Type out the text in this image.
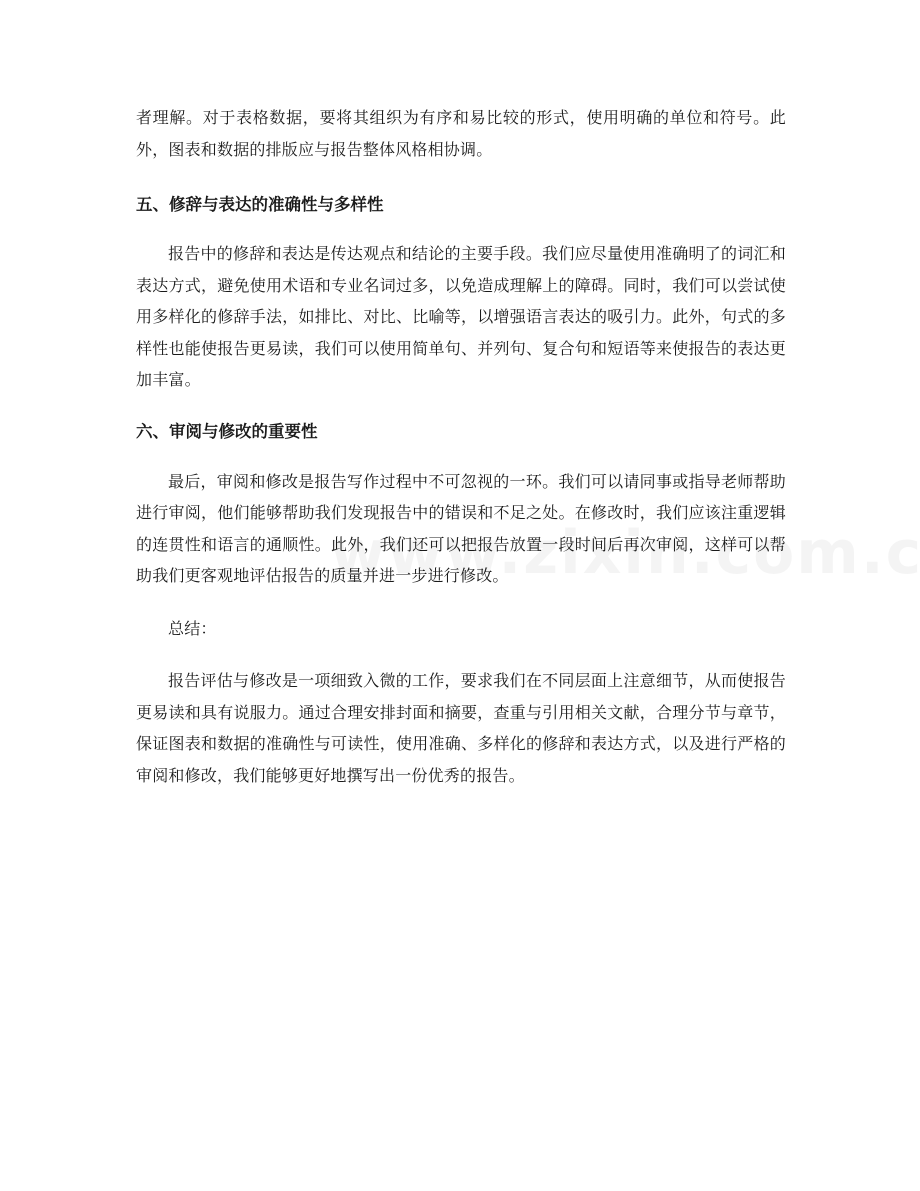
者理解。对于表格数据，要将其组织为有序和易比较的形式，使用明确的单位和符号。此外，图表和数据的排版应与报告整体风格相协调。

五、修辞与表达的准确性与多样性

报告中的修辞和表达是传达观点和结论的主要手段。我们应尽量使用准确明了的词汇和表达方式，避免使用术语和专业名词过多，以免造成理解上的障碍。同时，我们可以尝试使用多样化的修辞手法，如排比、对比、比喻等，以增强语言表达的吸引力。此外，句式的多样性也能使报告更易读，我们可以使用简单句、并列句、复合句和短语等来使报告的表达更加丰富。

六、审阅与修改的重要性

最后，审阅和修改是报告写作过程中不可忽视的一环。我们可以请同事或指导老师帮助进行审阅，他们能够帮助我们发现报告中的错误和不足之处。在修改时，我们应该注重逻辑的连贯性和语言的通顺性。此外，我们还可以把报告放置一段时间后再次审阅，这样可以帮助我们更客观地评估报告的质量并进一步进行修改。

总结：

报告评估与修改是一项细致入微的工作，要求我们在不同层面上注意细节，从而使报告更易读和具有说服力。通过合理安排封面和摘要，查重与引用相关文献，合理分节与章节，保证图表和数据的准确性与可读性，使用准确、多样化的修辞和表达方式，以及进行严格的审阅和修改，我们能够更好地撰写出一份优秀的报告。
